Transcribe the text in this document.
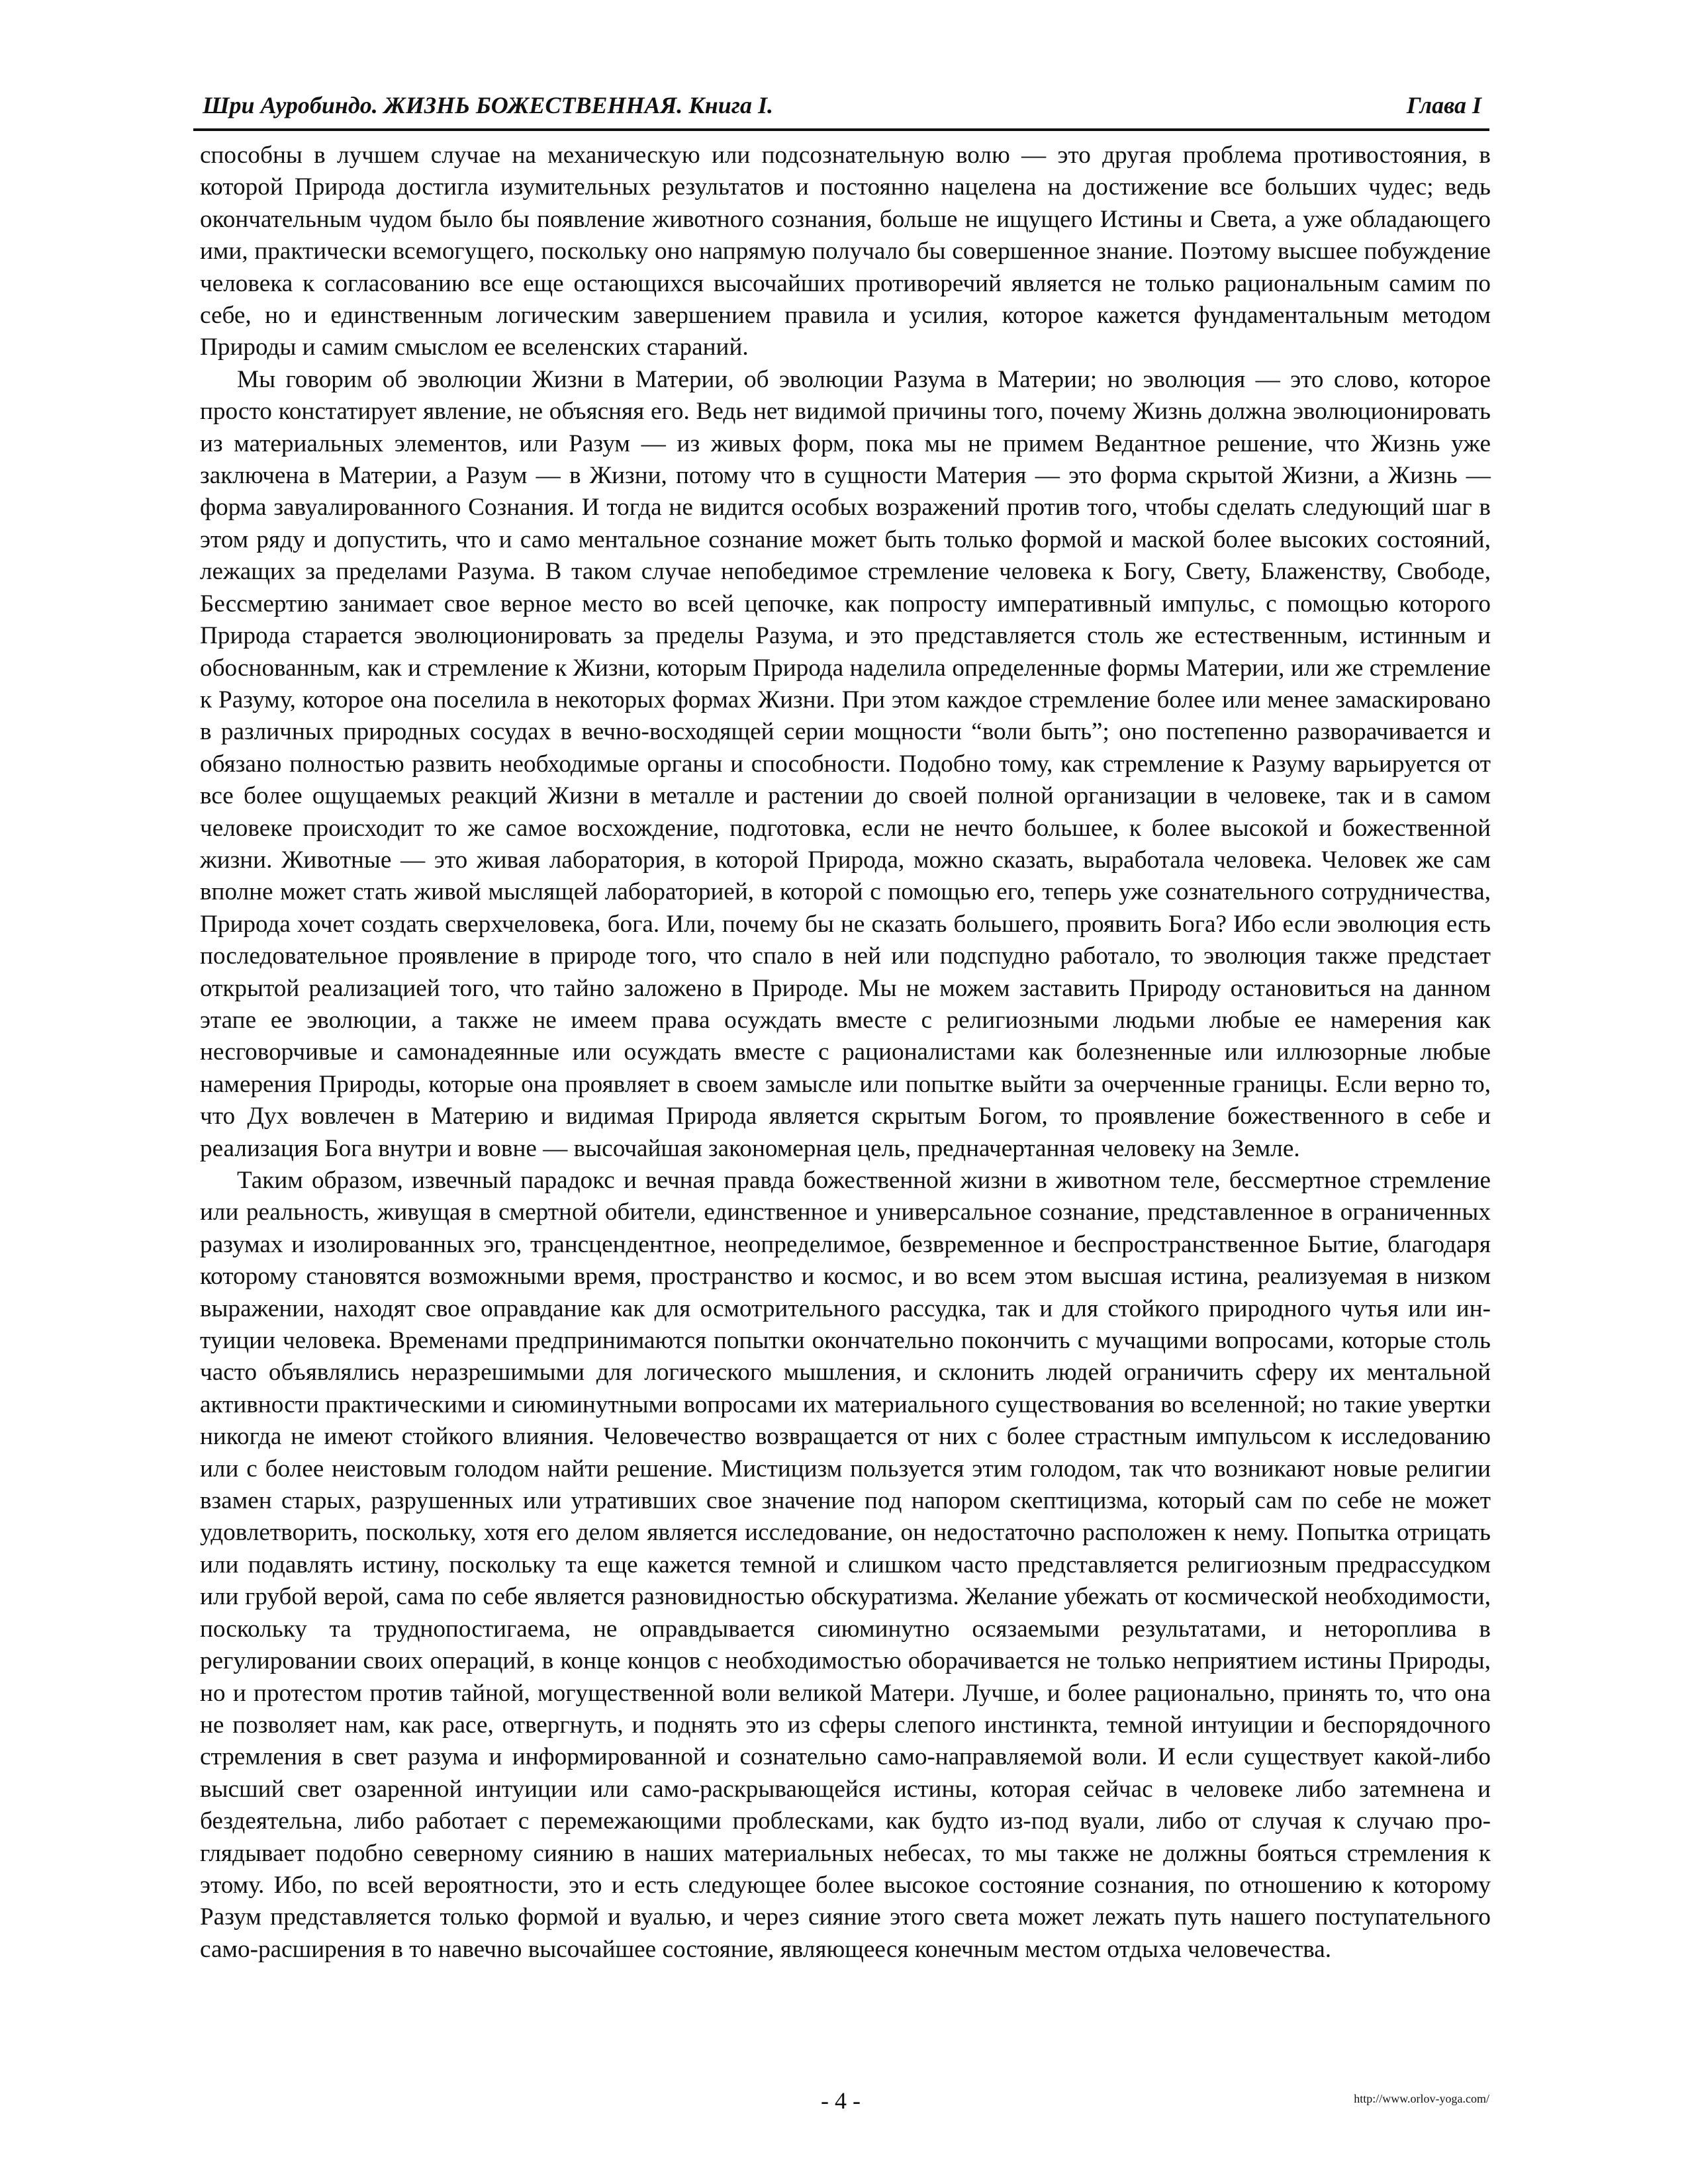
Шри Ауробиндо. ЖИЗНЬ БОЖЕСТВЕННАЯ. Книга I.	Глава I

способны в лучшем случае на механическую или подсознательную волю — это другая проблема противостояния, в которой Природа достигла изумительных результатов и постоянно нацелена на достижение все больших чудес; ведь окончательным чудом было бы появление животного сознания, больше не ищущего Истины и Света, а уже обладающего ими, практически всемогущего, поскольку оно напрямую получало бы совершенное знание. Поэтому высшее побуждение человека к согласованию все еще остающихся высочайших противоречий является не только рациональным самим по себе, но и единственным логическим завершением правила и усилия, которое кажется фундаментальным методом Природы и самим смыслом ее вселенских стараний.

Мы говорим об эволюции Жизни в Материи, об эволюции Разума в Материи; но эволюция — это слово, которое просто констатирует явление, не объясняя его. Ведь нет видимой причины того, почему Жизнь должна эволюционировать из материальных элементов, или Разум — из живых форм, пока мы не примем Ведантное решение, что Жизнь уже заключена в Материи, а Разум — в Жизни, потому что в сущности Материя — это форма скрытой Жизни, а Жизнь — форма завуалированного Сознания. И тогда не видится особых возражений против того, чтобы сделать следующий шаг в этом ряду и допустить, что и само ментальное сознание может быть только формой и маской более высоких состояний, лежащих за пределами Разума. В таком случае непобедимое стремление человека к Богу, Свету, Блаженству, Свободе, Бессмертию занимает свое верное место во всей цепочке, как попросту императивный импульс, с помощью которого Природа старается эволюционировать за пределы Разума, и это представляется столь же естественным, истинным и обоснованным, как и стремление к Жизни, которым Природа наделила определенные формы Материи, или же стремление к Разуму, которое она поселила в некоторых формах Жизни. При этом каждое стремление более или менее замаскировано в различных природных сосудах в вечно-восходящей серии мощности “воли быть”; оно постепенно разворачивается и обязано полностью развить необходимые органы и способности. Подобно тому, как стремление к Разуму варьируется от все более ощущаемых реакций Жизни в металле и растении до своей полной организации в человеке, так и в самом человеке происходит то же самое восхождение, подготовка, если не нечто большее, к более высокой и божественной жизни. Животные — это живая лаборатория, в которой Природа, можно сказать, выработала человека. Человек же сам вполне может стать живой мыслящей лабораторией, в которой с помощью его, теперь уже сознательного сотрудничества, Природа хочет создать сверхчеловека, бога. Или, почему бы не сказать большего, проявить Бога? Ибо если эволюция есть последовательное проявление в природе того, что спало в ней или подспудно работало, то эволюция также предстает открытой реализацией того, что тайно заложено в Природе. Мы не можем заставить Природу остановиться на данном этапе ее эволюции, а также не имеем права осуждать вместе с религиозными людьми любые ее намерения как несговорчивые и самонадеянные или осуждать вместе с рационалистами как болезненные или иллюзорные любые намерения Природы, которые она проявляет в своем замысле или попытке выйти за очерченные границы. Если верно то, что Дух вовлечен в Материю и видимая Природа является скрытым Богом, то проявление божественного в себе и реализация Бога внутри и вовне — высочайшая закономерная цель, предначертанная человеку на Земле.

Таким образом, извечный парадокс и вечная правда божественной жизни в животном теле, бессмертное стремление или реальность, живущая в смертной обители, единственное и универсальное сознание, представленное в ограниченных разумах и изолированных эго, трансцендентное, неопределимое, безвременное и беспространственное Бытие, благодаря которому становятся возможными время, пространство и космос, и во всем этом высшая истина, реализуемая в низком выражении, находят свое оправдание как для осмотрительного рассудка, так и для стойкого природного чутья или интуиции человека. Временами предпринимаются попытки окончательно покончить с мучащими вопросами, которые столь часто объявлялись неразрешимыми для логического мышления, и склонить людей ограничить сферу их ментальной активности практическими и сиюминутными вопросами их материального существования во вселенной; но такие увертки никогда не имеют стойкого влияния. Человечество возвращается от них с более страстным импульсом к исследованию или с более неистовым голодом найти решение. Мистицизм пользуется этим голодом, так что возникают новые религии взамен старых, разрушенных или утративших свое значение под напором скептицизма, который сам по себе не может удовлетворить, поскольку, хотя его делом является исследование, он недостаточно расположен к нему. Попытка отрицать или подавлять истину, поскольку та еще кажется темной и слишком часто представляется религиозным предрассудком или грубой верой, сама по себе является разновидностью обскуратизма. Желание убежать от космической необходимости, поскольку та труднопостигаема, не оправдывается сиюминутно осязаемыми результатами, и нетороплива в регулировании своих операций, в конце концов с необходимостью оборачивается не только неприятием истины Природы, но и протестом против тайной, могущественной воли великой Матери. Лучше, и более рационально, принять то, что она не позволяет нам, как расе, отвергнуть, и поднять это из сферы слепого инстинкта, темной интуиции и беспорядочного стремления в свет разума и информированной и сознательно само-направляемой воли. И если существует какой-либо высший свет озаренной интуиции или само-раскрывающейся истины, которая сейчас в человеке либо затемнена и бездеятельна, либо работает с перемежающими проблесками, как будто из-под вуали, либо от случая к случаю проглядывает подобно северному сиянию в наших материальных небесах, то мы также не должны бояться стремления к этому. Ибо, по всей вероятности, это и есть следующее более высокое состояние сознания, по отношению к которому Разум представляется только формой и вуалью, и через сияние этого света может лежать путь нашего поступательного само-расширения в то навечно высочайшее состояние, являющееся конечным местом отдыха человечества.

- 4 -	http://www.orlov-yoga.com/
